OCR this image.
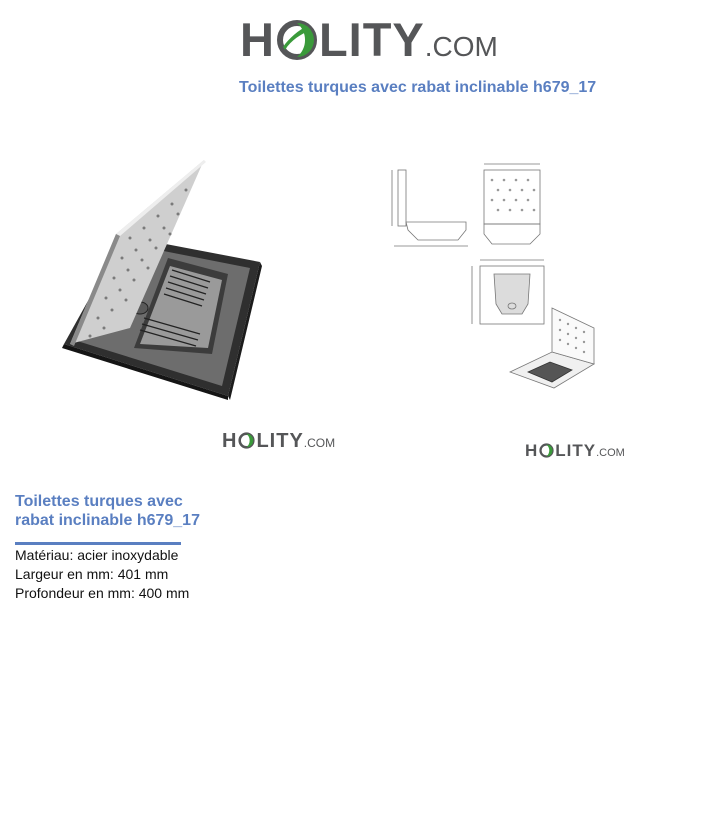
H LITY .COM
Toilettes turques avec rabat inclinable h679_17
H LITY .COM	H LITY .COM
Toilettes turques avec
rabat inclinable h679_17
Matériau: acier inoxydable
Largeur en mm: 401 mm
Profondeur en mm: 400 mm
